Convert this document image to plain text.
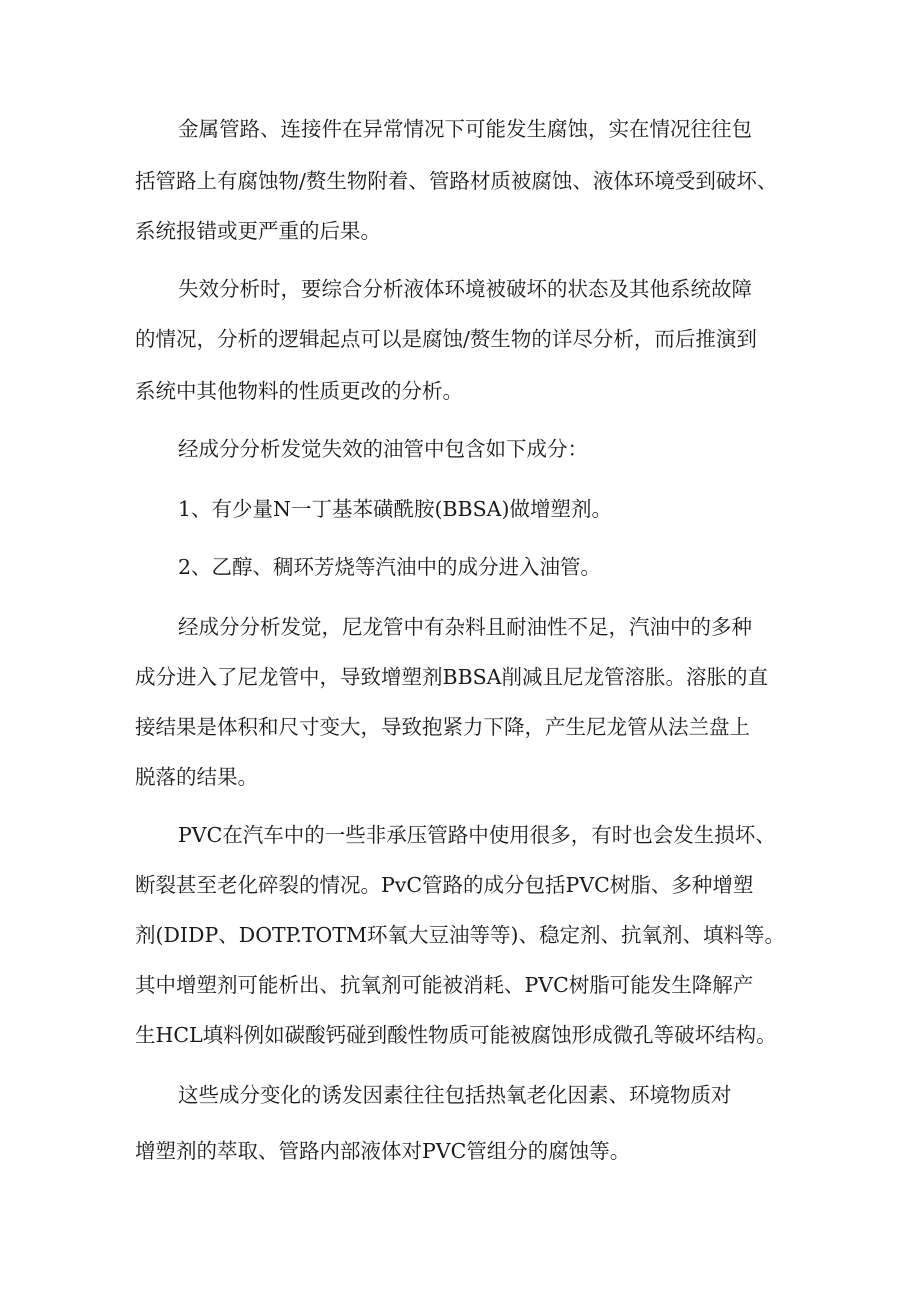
金属管路、连接件在异常情况下可能发生腐蚀，实在情况往往包

括管路上有腐蚀物/赘生物附着、管路材质被腐蚀、液体环境受到破坏、

系统报错或更严重的后果。

失效分析时，要综合分析液体环境被破坏的状态及其他系统故障

的情况，分析的逻辑起点可以是腐蚀/赘生物的详尽分析，而后推演到

系统中其他物料的性质更改的分析。

经成分分析发觉失效的油管中包含如下成分：

1、有少量N一丁基苯磺酰胺(BBSA)做增塑剂。

2、乙醇、稠环芳烧等汽油中的成分进入油管。

经成分分析发觉，尼龙管中有杂料且耐油性不足，汽油中的多种

成分进入了尼龙管中，导致增塑剂BBSA削减且尼龙管溶胀。溶胀的直

接结果是体积和尺寸变大，导致抱紧力下降，产生尼龙管从法兰盘上

脱落的结果。

PVC在汽车中的一些非承压管路中使用很多，有时也会发生损坏、

断裂甚至老化碎裂的情况。PvC管路的成分包括PVC树脂、多种增塑

剂(DIDP、DOTP.TOTM环氧大豆油等等)、稳定剂、抗氧剂、填料等。

其中增塑剂可能析出、抗氧剂可能被消耗、PVC树脂可能发生降解产

生HCL填料例如碳酸钙碰到酸性物质可能被腐蚀形成微孔等破坏结构。

这些成分变化的诱发因素往往包括热氧老化因素、环境物质对

增塑剂的萃取、管路内部液体对PVC管组分的腐蚀等。
